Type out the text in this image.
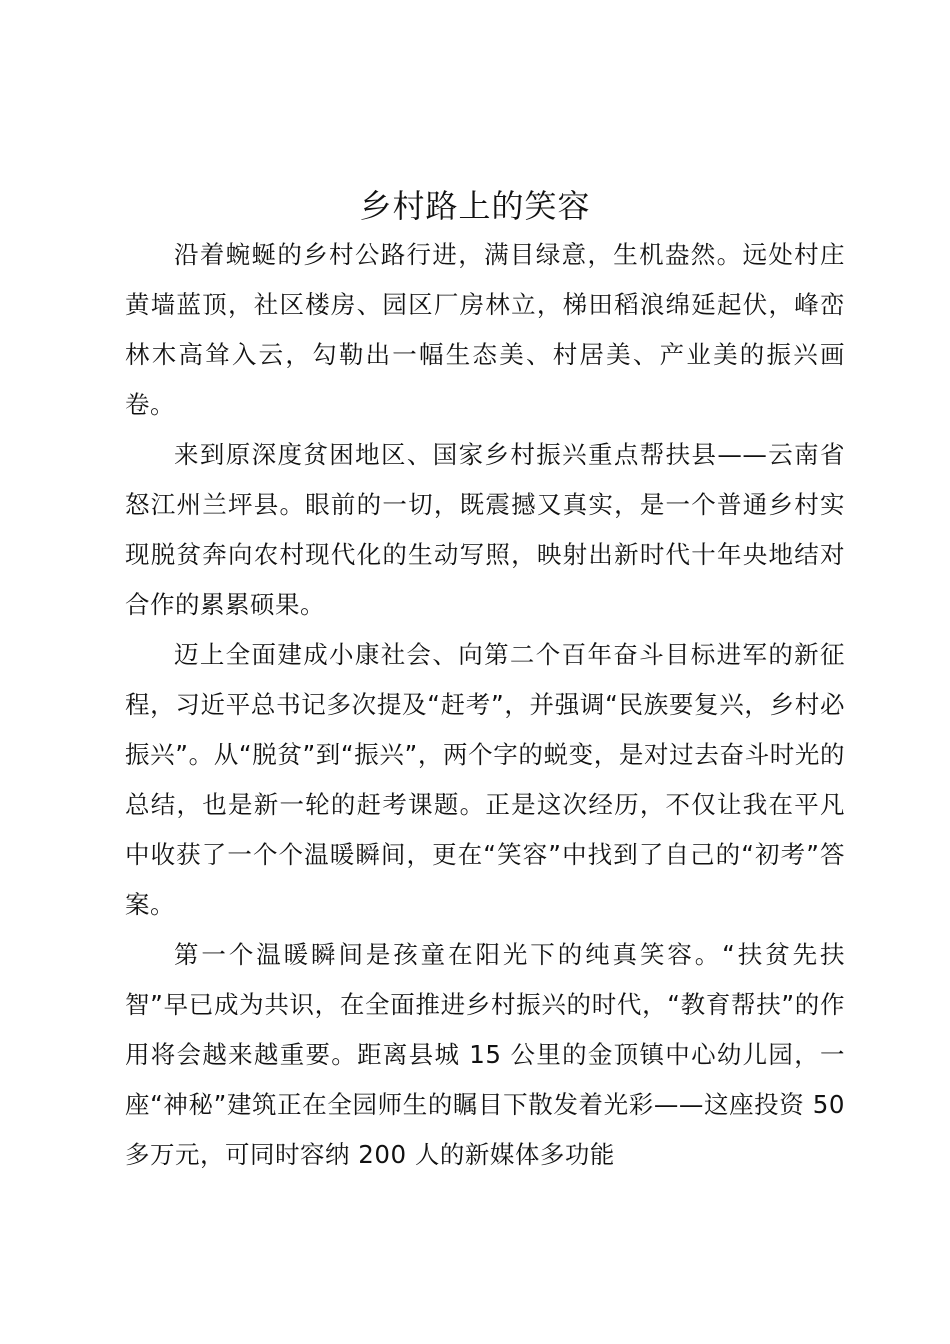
乡村路上的笑容

沿着蜿蜒的乡村公路行进，满目绿意，生机盎然。远处村庄黄墙蓝顶，社区楼房、园区厂房林立，梯田稻浪绵延起伏，峰峦林木高耸入云，勾勒出一幅生态美、村居美、产业美的振兴画卷。

来到原深度贫困地区、国家乡村振兴重点帮扶县——云南省怒江州兰坪县。眼前的一切，既震撼又真实，是一个普通乡村实现脱贫奔向农村现代化的生动写照，映射出新时代十年央地结对合作的累累硕果。

迈上全面建成小康社会、向第二个百年奋斗目标进军的新征程，习近平总书记多次提及“赶考”，并强调“民族要复兴，乡村必振兴”。从“脱贫”到“振兴”，两个字的蜕变，是对过去奋斗时光的总结，也是新一轮的赶考课题。正是这次经历，不仅让我在平凡中收获了一个个温暖瞬间，更在“笑容”中找到了自己的“初考”答案。

第一个温暖瞬间是孩童在阳光下的纯真笑容。“扶贫先扶智”早已成为共识，在全面推进乡村振兴的时代，“教育帮扶”的作用将会越来越重要。距离县城 15 公里的金顶镇中心幼儿园，一座“神秘”建筑正在全园师生的瞩目下散发着光彩——这座投资 50 多万元，可同时容纳 200 人的新媒体多功能
